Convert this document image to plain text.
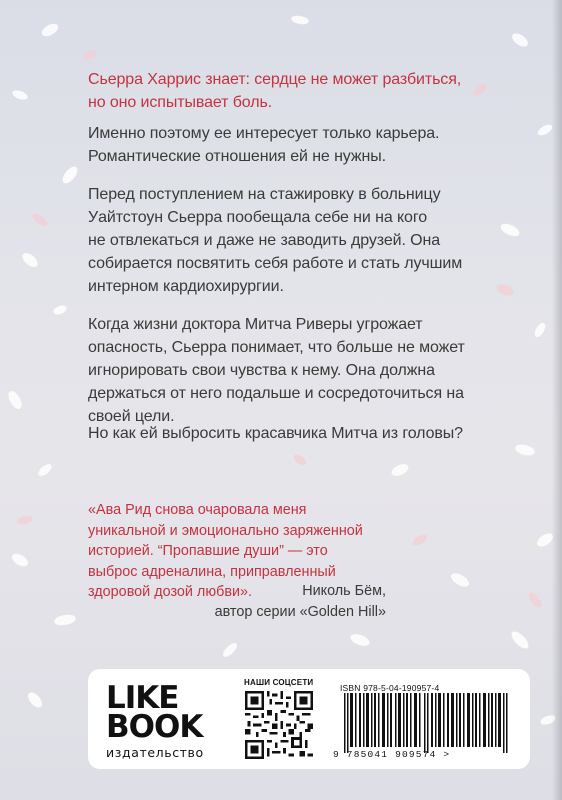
Сьерра Харрис знает: сердце не может разбиться,
но оно испытывает боль.
Именно поэтому ее интересует только карьера.
Романтические отношения ей не нужны.
Перед поступлением на стажировку в больницу
Уайтстоун Сьерра пообещала себе ни на кого
не отвлекаться и даже не заводить друзей. Она
собирается посвятить себя работе и стать лучшим
интерном кардиохирургии.
Когда жизни доктора Митча Риверы угрожает
опасность, Сьерра понимает, что больше не может
игнорировать свои чувства к нему. Она должна
держаться от него подальше и сосредоточиться на
своей цели.
Но как ей выбросить красавчика Митча из головы?
«Ава Рид снова очаровала меня
уникальной и эмоционально заряженной
историей. “Пропавшие души” — это
выброс адреналина, приправленный
здоровой дозой любви».	Николь Бём,
автор серии «Golden Hill»
LIKE
BOOK
издательство
НАШИ СОЦСЕТИ
ISBN 978-5-04-190957-4
9 785041 909574 >
